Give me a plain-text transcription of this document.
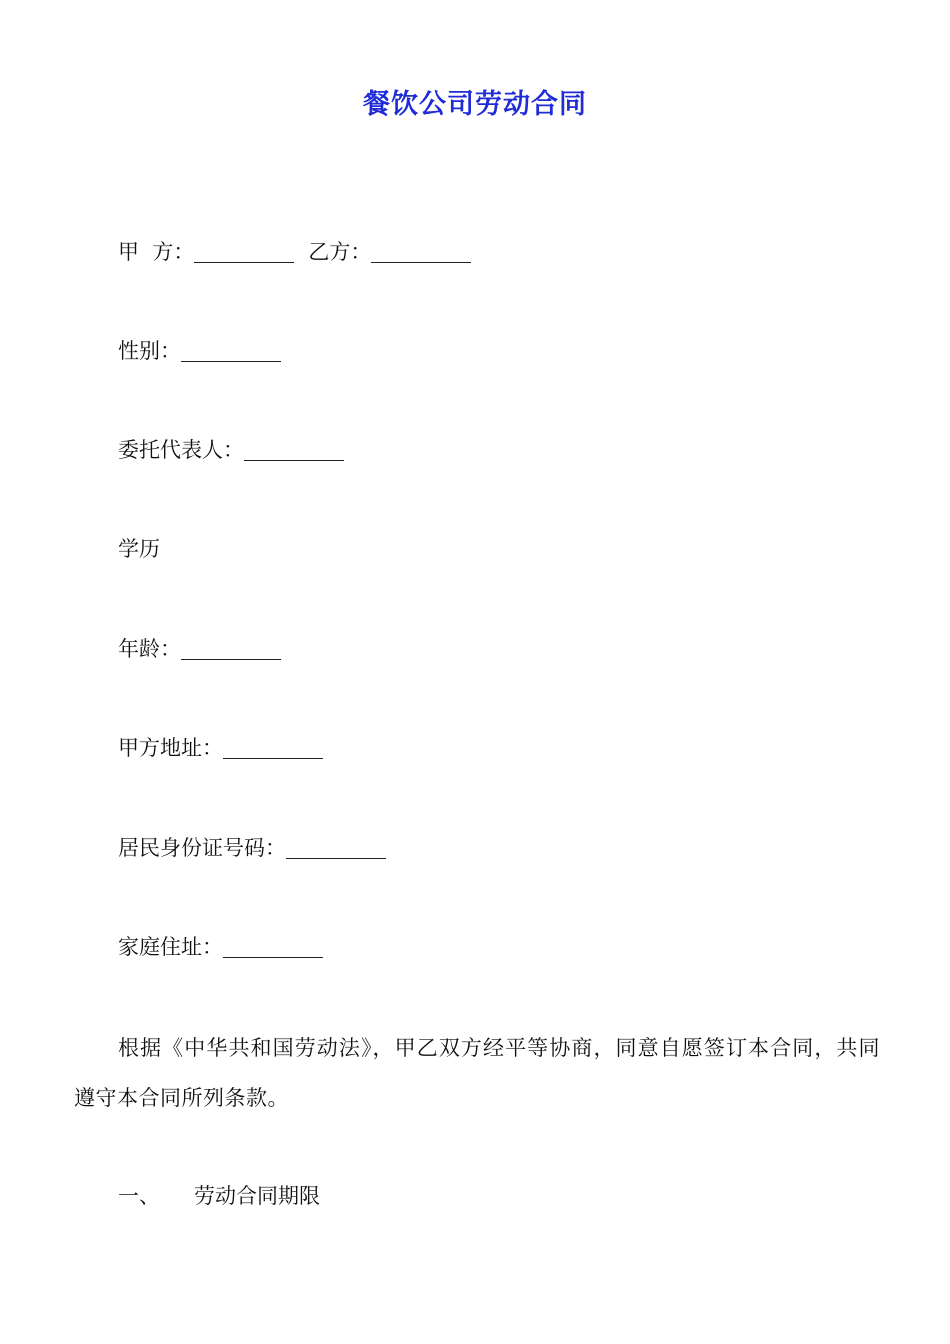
餐饮公司劳动合同
甲  方：	乙方：
性别：
委托代表人：
学历
年龄：
甲方地址：
居民身份证号码：
家庭住址：
根据《中华共和国劳动法》，甲乙双方经平等协商，同意自愿签订本合同，共同遵守本合同所列条款。
一、 劳动合同期限
